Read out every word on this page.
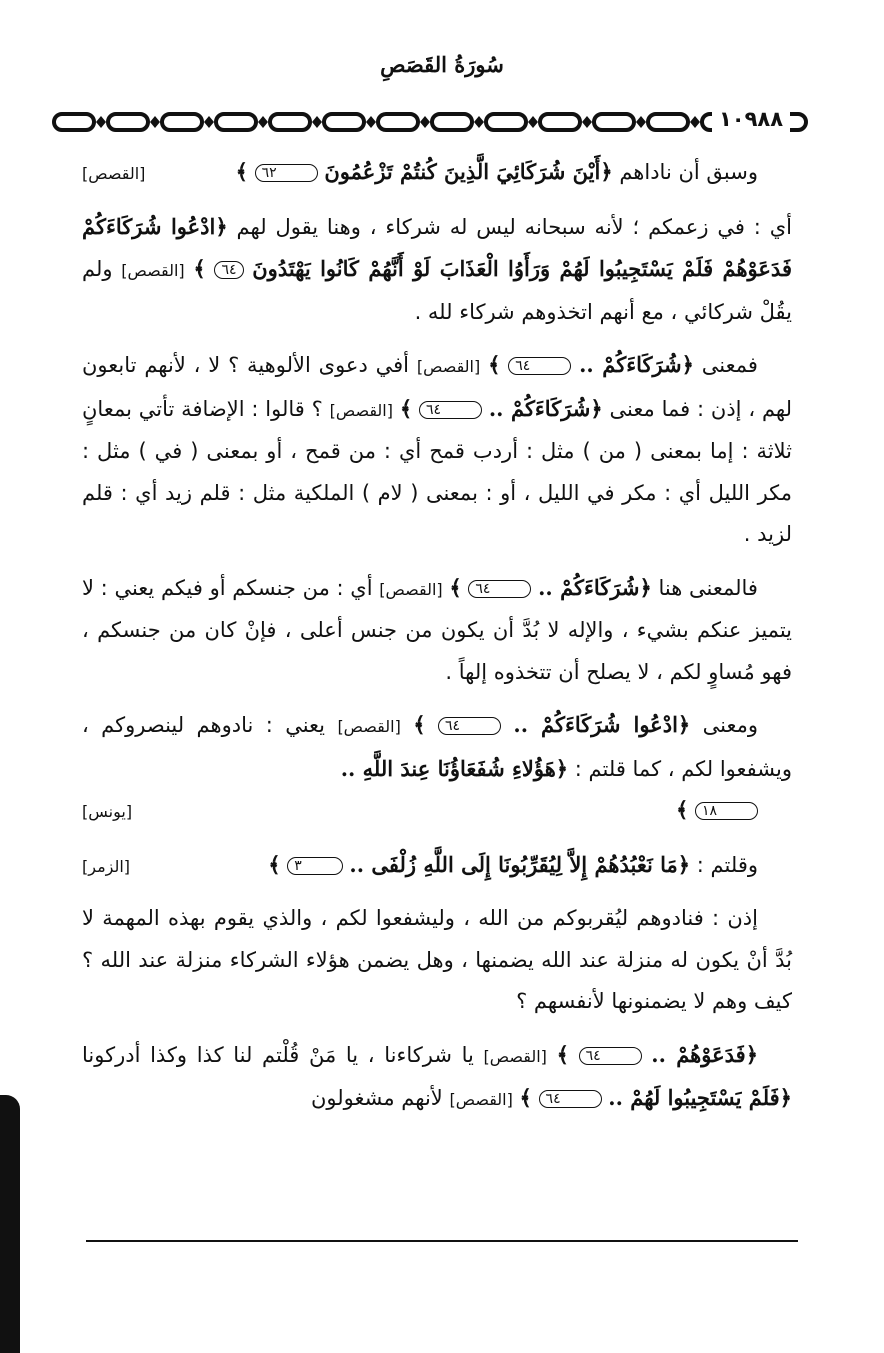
سُورَةُ القَصَصِ
١٠٩٨٨

وسبق أن ناداهم ﴿أَيْنَ شُرَكَائِيَ الَّذِينَ كُنتُمْ تَزْعُمُونَ ٦٢ ﴾
[القصص]

أي : في زعمكم ؛ لأنه سبحانه ليس له شركاء ، وهنا يقول لهم ﴿ادْعُوا شُرَكَاءَكُمْ فَدَعَوْهُمْ فَلَمْ يَسْتَجِيبُوا لَهُمْ وَرَأَوُا الْعَذَابَ لَوْ أَنَّهُمْ كَانُوا يَهْتَدُونَ ٦٤ ﴾ [القصص] ولم يقُلْ شركائي ، مع أنهم اتخذوهم شركاء لله .

فمعنى ﴿شُرَكَاءَكُمْ .. ٦٤ ﴾ [القصص] أفي دعوى الألوهية ؟ لا ، لأنهم تابعون لهم ، إذن : فما معنى ﴿شُرَكَاءَكُمْ .. ٦٤ ﴾ [القصص] ؟ قالوا : الإضافة تأتي بمعانٍ ثلاثة : إما بمعنى ( من ) مثل : أردب قمح أي : من قمح ، أو بمعنى ( في ) مثل : مكر الليل أي : مكر في الليل ، أو : بمعنى ( لام ) الملكية مثل : قلم زيد أي : قلم لزيد .

فالمعنى هنا ﴿شُرَكَاءَكُمْ .. ٦٤ ﴾ [القصص] أي : من جنسكم أو فيكم يعني : لا يتميز عنكم بشيء ، والإله لا بُدَّ أن يكون من جنس أعلى ، فإنْ كان من جنسكم ، فهو مُساوٍ لكم ، لا يصلح أن تتخذوه إلهاً .

ومعنى ﴿ادْعُوا شُرَكَاءَكُمْ .. ٦٤ ﴾ [القصص] يعني : نادوهم لينصروكم ، ويشفعوا لكم ، كما قلتم : ﴿هَؤُلاءِ شُفَعَاؤُنَا عِندَ اللَّهِ ..
١٨ ﴾
[يونس]

وقلتم : ﴿مَا نَعْبُدُهُمْ إِلاَّ لِيُقَرِّبُونَا إِلَى اللَّهِ زُلْفَى .. ٣ ﴾
[الزمر]

إذن : فنادوهم ليُقربوكم من الله ، وليشفعوا لكم ، والذي يقوم بهذه المهمة لا بُدَّ أنْ يكون له منزلة عند الله يضمنها ، وهل يضمن هؤلاء الشركاء منزلة عند الله ؟ كيف وهم لا يضمنونها لأنفسهم ؟

﴿فَدَعَوْهُمْ .. ٦٤ ﴾ [القصص] يا شركاءنا ، يا مَنْ قُلْتم لنا كذا وكذا أدركونا ﴿فَلَمْ يَسْتَجِيبُوا لَهُمْ .. ٦٤ ﴾ [القصص] لأنهم مشغولون
